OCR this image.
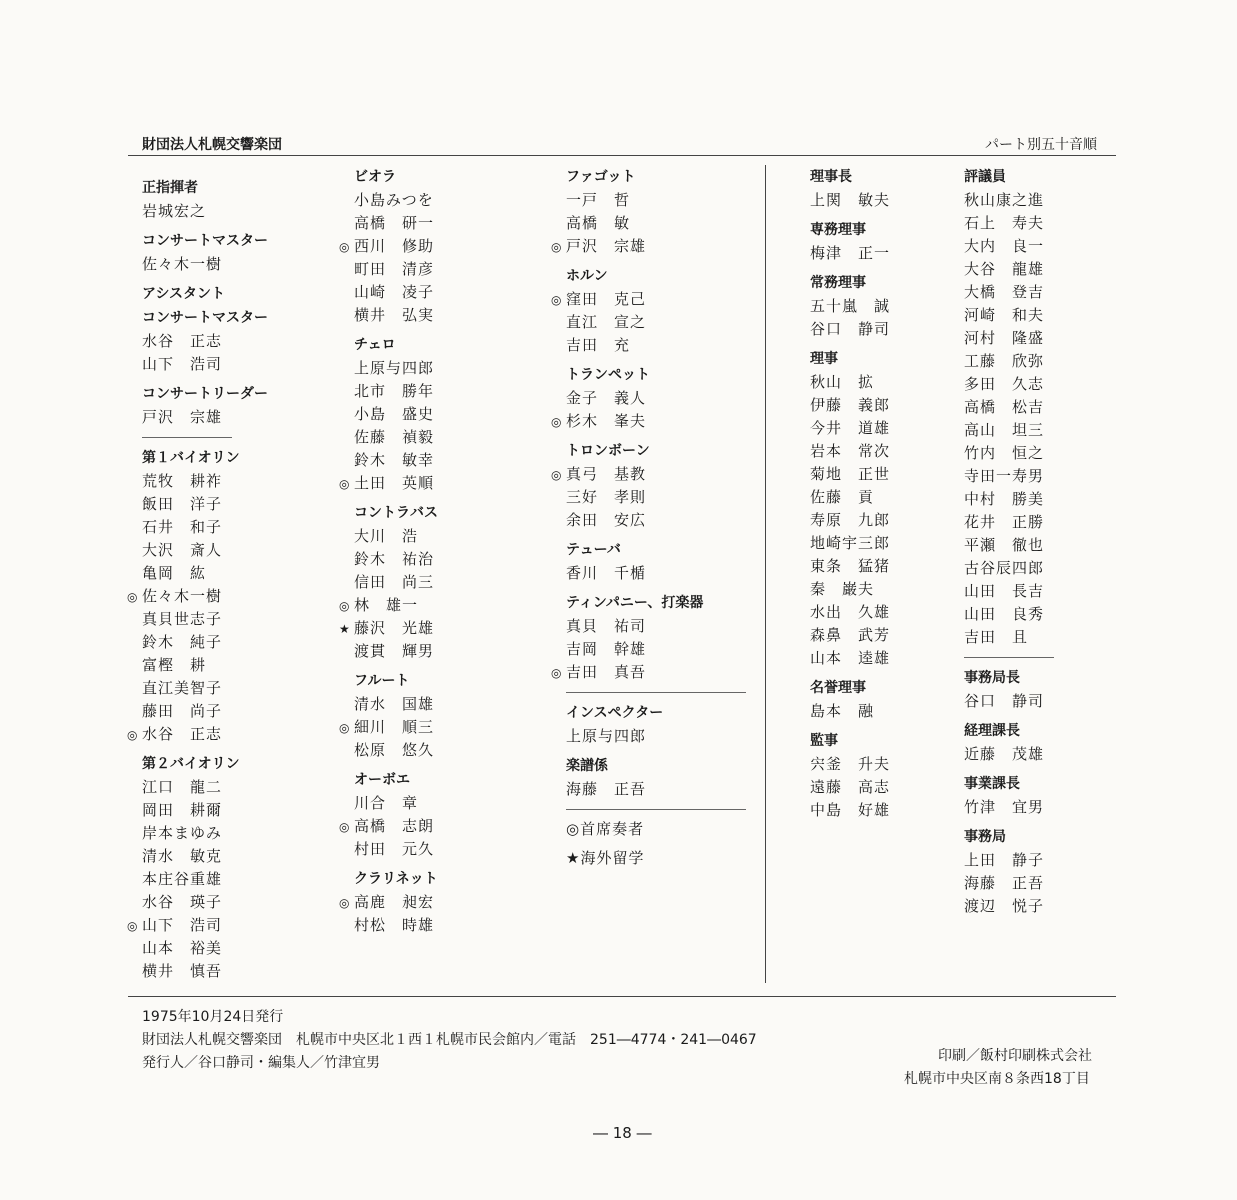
財団法人札幌交響楽団	パート別五十音順
正指揮者
岩城宏之
コンサートマスター
佐々木一樹
アシスタント
コンサートマスター
水谷　正志
山下　浩司
コンサートリーダー
戸沢　宗雄
第１バイオリン
荒牧　耕祚
飯田　洋子
石井　和子
大沢　斎人
亀岡　紘
◎ 佐々木一樹
真貝世志子
鈴木　純子
富樫　耕
直江美智子
藤田　尚子
◎ 水谷　正志
第２バイオリン
江口　龍二
岡田　耕爾
岸本まゆみ
清水　敏克
本庄谷重雄
水谷　瑛子
◎ 山下　浩司
山本　裕美
横井　慎吾
ビオラ
小島みつを
高橋　研一
◎ 西川　修助
町田　清彦
山崎　凌子
横井　弘実
チェロ
上原与四郎
北市　勝年
小島　盛史
佐藤　禎毅
鈴木　敏幸
◎ 土田　英順
コントラバス
大川　浩
鈴木　祐治
信田　尚三
◎ 林　雄一
★ 藤沢　光雄
渡貫　輝男
フルート
清水　国雄
◎ 細川　順三
松原　悠久
オーボエ
川合　章
◎ 高橋　志朗
村田　元久
クラリネット
◎ 高鹿　昶宏
村松　時雄
ファゴット
一戸　哲
高橋　敏
◎ 戸沢　宗雄
ホルン
◎ 窪田　克己
直江　宣之
吉田　充
トランペット
金子　義人
◎ 杉木　峯夫
トロンボーン
◎ 真弓　基教
三好　孝則
余田　安広
テューバ
香川　千楯
ティンパニー、打楽器
真貝　祐司
吉岡　幹雄
◎ 吉田　真吾
インスペクター
上原与四郎
楽譜係
海藤　正吾
◎首席奏者
★海外留学
理事長
上関　敏夫
専務理事
梅津　正一
常務理事
五十嵐　誠
谷口　静司
理事
秋山　拡
伊藤　義郎
今井　道雄
岩本　常次
菊地　正世
佐藤　貢
寿原　九郎
地崎宇三郎
東条　猛猪
秦　巌夫
水出　久雄
森鼻　武芳
山本　逵雄
名誉理事
島本　融
監事
宍釜　升夫
遠藤　高志
中島　好雄
評議員
秋山康之進
石上　寿夫
大内　良一
大谷　龍雄
大橋　登吉
河崎　和夫
河村　隆盛
工藤　欣弥
多田　久志
高橋　松吉
高山　坦三
竹内　恒之
寺田一寿男
中村　勝美
花井　正勝
平瀬　徹也
古谷辰四郎
山田　長吉
山田　良秀
吉田　且
事務局長
谷口　静司
経理課長
近藤　茂雄
事業課長
竹津　宜男
事務局
上田　静子
海藤　正吾
渡辺　悦子
1975年10月24日発行
財団法人札幌交響楽団　札幌市中央区北１西１札幌市民会館内／電話　251―4774・241―0467
発行人／谷口静司・編集人／竹津宜男	印刷／飯村印刷株式会社
札幌市中央区南８条西18丁目
― 18 ―
